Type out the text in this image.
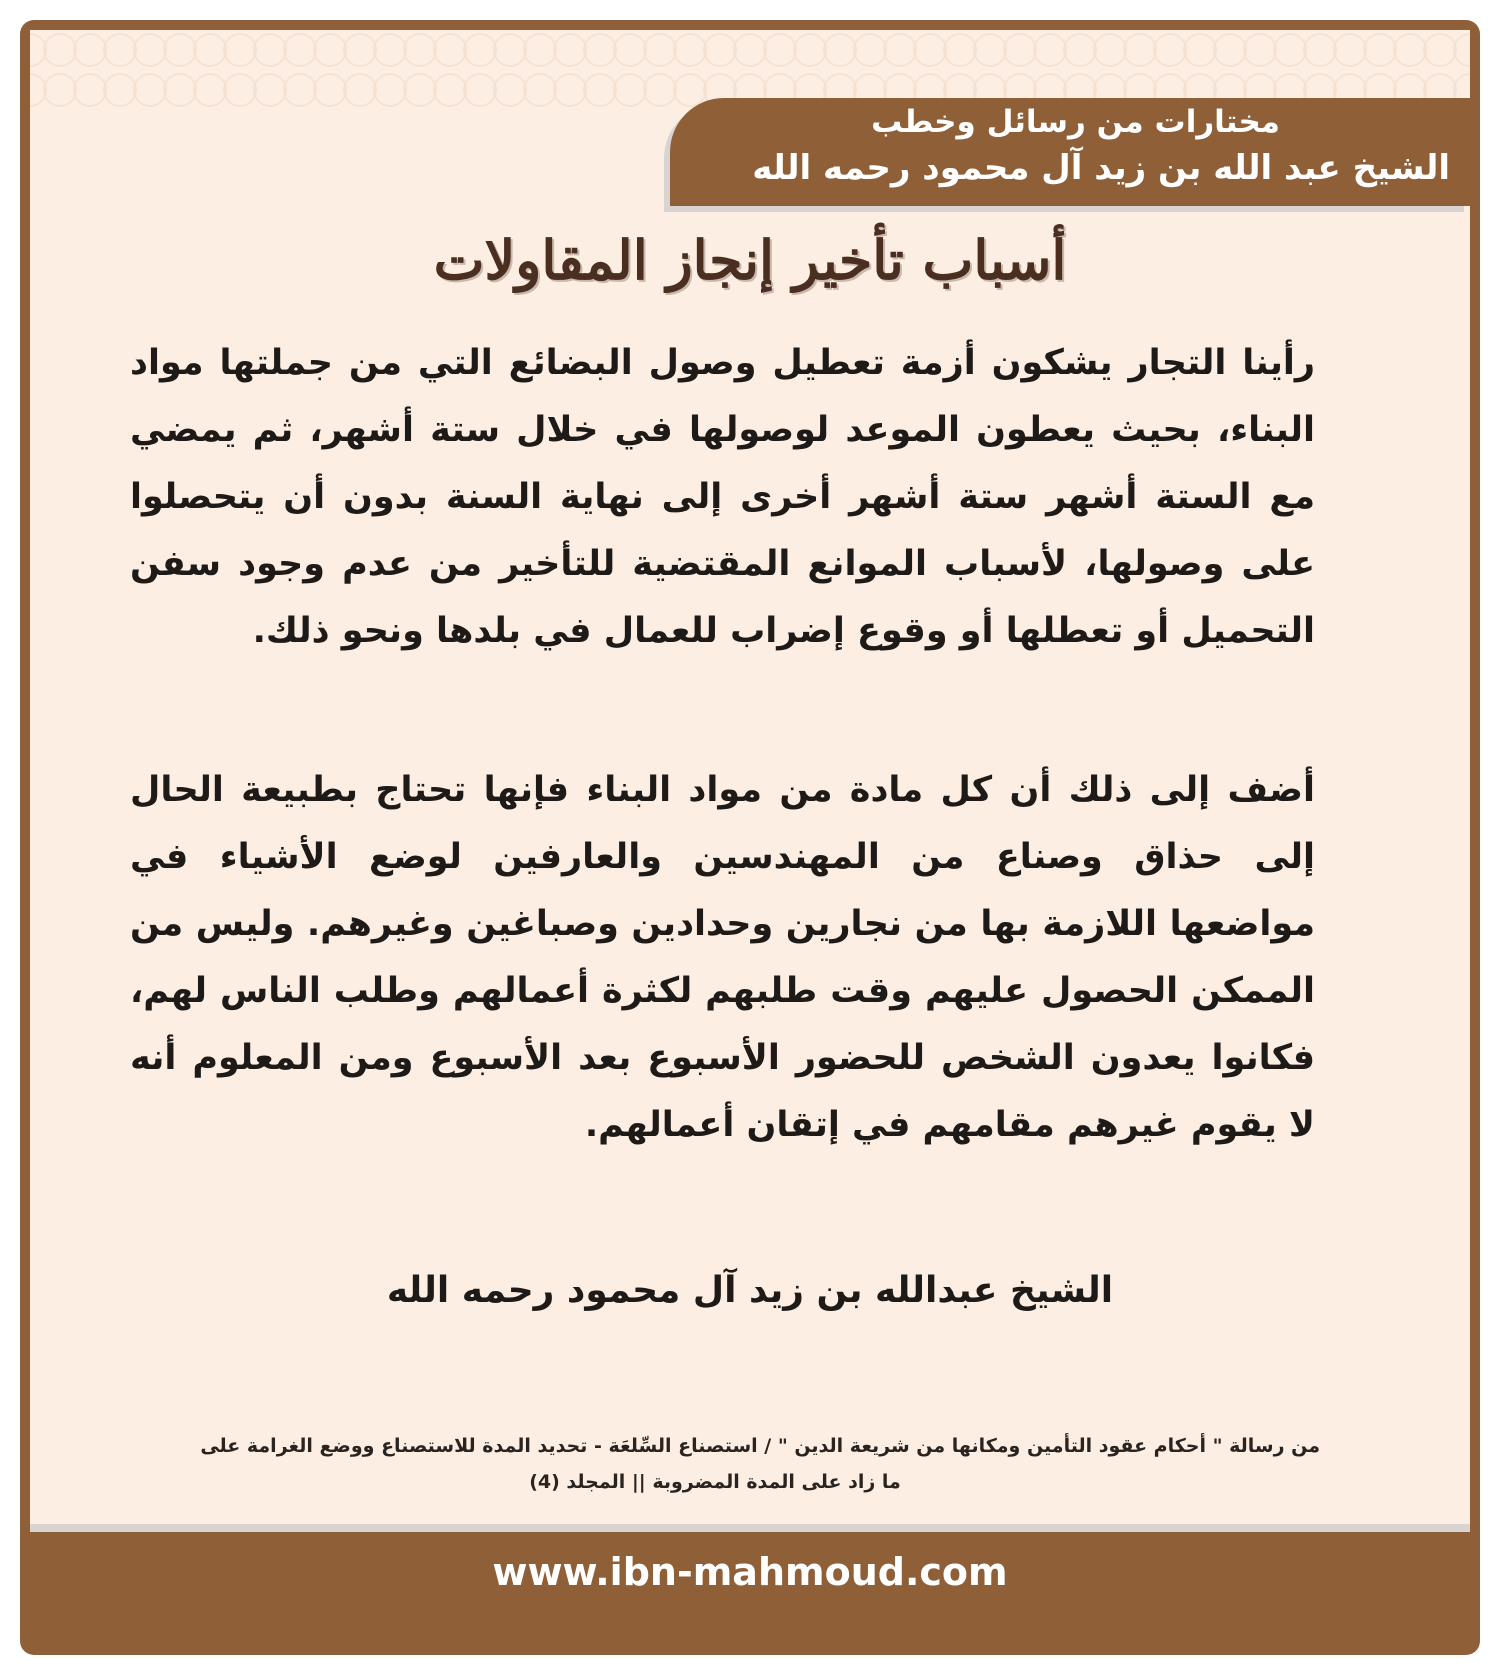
مختارات من رسائل وخطب
الشيخ عبد الله بن زيد آل محمود رحمه الله
أسباب تأخير إنجاز المقاولات
رأينا التجار يشكون أزمة تعطيل وصول البضائع التي من جملتها مواد البناء، بحيث يعطون الموعد لوصولها في خلال ستة أشهر، ثم يمضي مع الستة أشهر ستة أشهر أخرى إلى نهاية السنة بدون أن يتحصلوا على وصولها، لأسباب الموانع المقتضية للتأخير من عدم وجود سفن التحميل أو تعطلها أو وقوع إضراب للعمال في بلدها ونحو ذلك.
أضف إلى ذلك أن كل مادة من مواد البناء فإنها تحتاج بطبيعة الحال إلى حذاق وصناع من المهندسين والعارفين لوضع الأشياء في مواضعها اللازمة بها من نجارين وحدادين وصباغين وغيرهم. وليس من الممكن الحصول عليهم وقت طلبهم لكثرة أعمالهم وطلب الناس لهم، فكانوا يعدون الشخص للحضور الأسبوع بعد الأسبوع ومن المعلوم أنه لا يقوم غيرهم مقامهم في إتقان أعمالهم.
الشيخ عبدالله بن زيد آل محمود رحمه الله
من رسالة " أحكام عقود التأمين ومكانها من شريعة الدين " / استصناع السِّلعَة - تحديد المدة للاستصناع ووضع الغرامة على
ما زاد على المدة المضروبة || المجلد (4)
www.ibn-mahmoud.com
